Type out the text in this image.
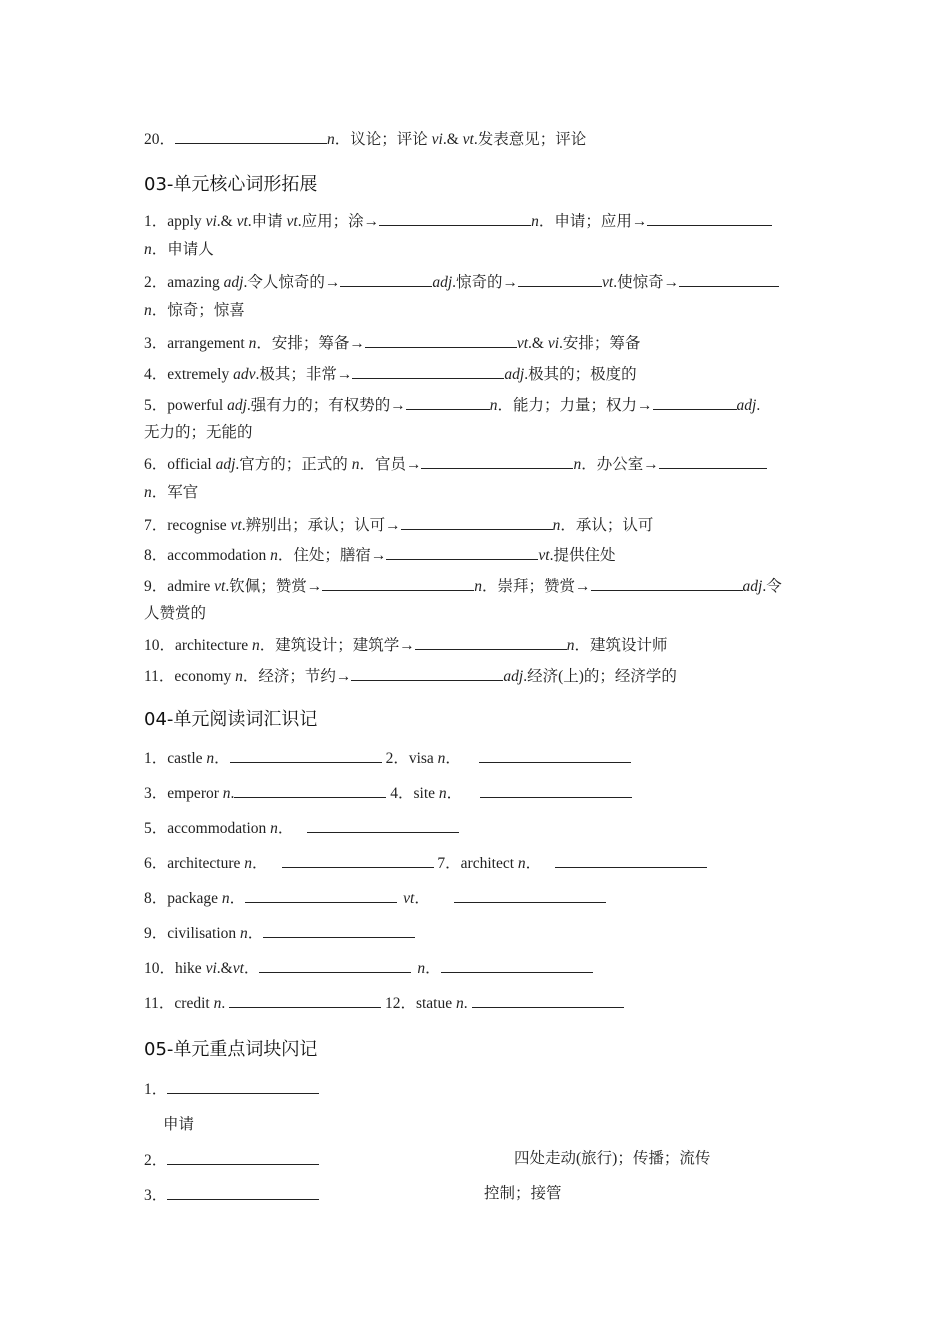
20．	n．议论；评论 vi.& vt.发表意见；评论
03-单元核心词形拓展
1．apply vi.& vt.申请 vt.应用；涂→	n．申请；应用→
n．申请人
2．amazing adj.令人惊奇的→	adj.惊奇的→	vt.使惊奇→
n．惊奇；惊喜
3．arrangement n．安排；筹备→	vt.& vi.安排；筹备
4．extremely adv.极其；非常→	adj.极其的；极度的
5．powerful adj.强有力的；有权势的→	n．能力；力量；权力→	adj.
无力的；无能的
6．official adj.官方的；正式的 n．官员→	n．办公室→
n．军官
7．recognise vt.辨别出；承认；认可→	n．承认；认可
8．accommodation n．住处；膳宿→	vt.提供住处
9．admire vt.钦佩；赞赏→	n．崇拜；赞赏→	adj.令
人赞赏的
10．architecture n．建筑设计；建筑学→	n．建筑设计师
11．economy n．经济；节约→	adj.经济(上)的；经济学的
04-单元阅读词汇识记
1．castle n．	2．visa n．
3．emperor n.	4．site n．
5．accommodation n．
6．architecture n．	7．architect n．
8．package n．	vt．
9．civilisation n．
10．hike vi.&vt．	n．
11．credit n.	12．statue n.
05-单元重点词块闪记
1．
申请
2．	四处走动(旅行)；传播；流传
3．	控制；接管
